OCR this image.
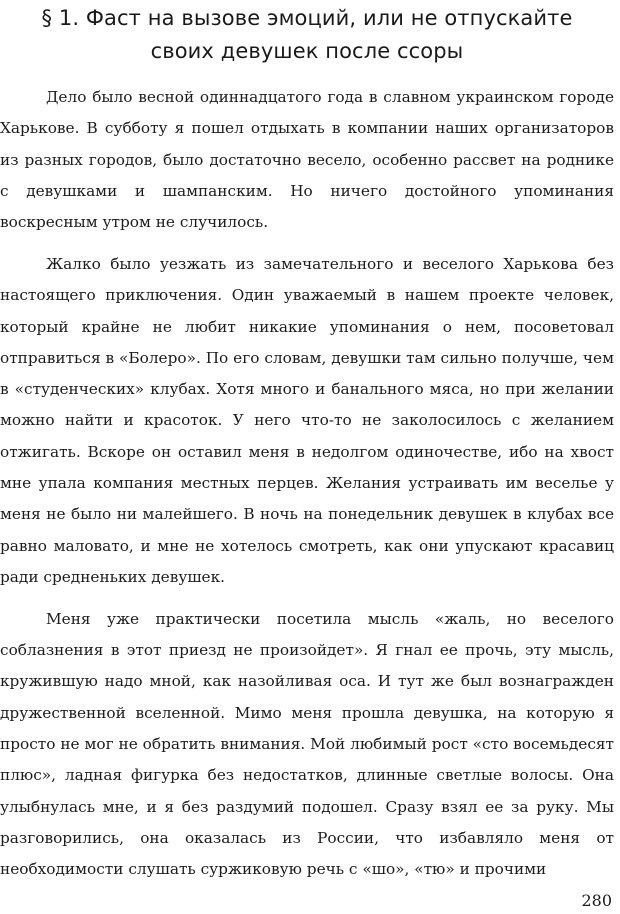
§ 1. Фаст на вызове эмоций, или не отпускайте своих девушек после ссоры

Дело было весной одиннадцатого года в славном украинском городе Харькове. В субботу я пошел отдыхать в компании наших организаторов из разных городов, было достаточно весело, особенно рассвет на роднике с девушками и шампанским. Но ничего достойного упоминания воскресным утром не случилось.

Жалко было уезжать из замечательного и веселого Харькова без настоящего приключения. Один уважаемый в нашем проекте человек, который крайне не любит никакие упоминания о нем, посоветовал отправиться в «Болеро». По его словам, девушки там сильно получше, чем в «студенческих» клубах. Хотя много и банального мяса, но при желании можно найти и красоток. У него что-то не заколосилось с желанием отжигать. Вскоре он оставил меня в недолгом одиночестве, ибо на хвост мне упала компания местных перцев. Желания устраивать им веселье у меня не было ни малейшего. В ночь на понедельник девушек в клубах все равно маловато, и мне не хотелось смотреть, как они упускают красавиц ради средненьких девушек.

Меня уже практически посетила мысль «жаль, но веселого соблазнения в этот приезд не произойдет». Я гнал ее прочь, эту мысль, кружившую надо мной, как назойливая оса. И тут же был вознагражден дружественной вселенной. Мимо меня прошла девушка, на которую я просто не мог не обратить внимания. Мой любимый рост «сто восемьдесят плюс», ладная фигурка без недостатков, длинные светлые волосы. Она улыбнулась мне, и я без раздумий подошел. Сразу взял ее за руку. Мы разговорились, она оказалась из России, что избавляло меня от необходимости слушать суржиковую речь с «шо», «тю» и прочими

280
